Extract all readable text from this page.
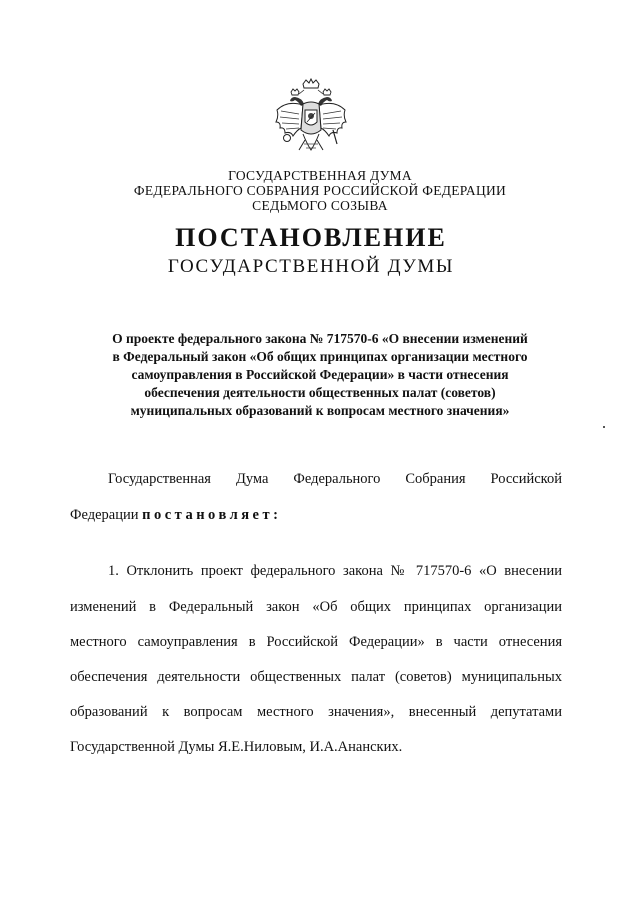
ГОСУДАРСТВЕННАЯ ДУМА
ФЕДЕРАЛЬНОГО СОБРАНИЯ РОССИЙСКОЙ ФЕДЕРАЦИИ
СЕДЬМОГО СОЗЫВА
ПОСТАНОВЛЕНИЕ
ГОСУДАРСТВЕННОЙ ДУМЫ
О проекте федерального закона № 717570-6 «О внесении изменений
в Федеральный закон «Об общих принципах организации местного
самоуправления в Российской Федерации» в части отнесения
обеспечения деятельности общественных палат (советов)
муниципальных образований к вопросам местного значения»
Государственная Дума Федерального Собрания Российской
Федерации постановляет:
1. Отклонить проект федерального закона № 717570-6 «О внесении
изменений в Федеральный закон «Об общих принципах организации
местного самоуправления в Российской Федерации» в части отнесения
обеспечения деятельности общественных палат (советов) муниципальных
образований к вопросам местного значения», внесенный депутатами
Государственной Думы Я.Е.Ниловым, И.А.Ананских.
